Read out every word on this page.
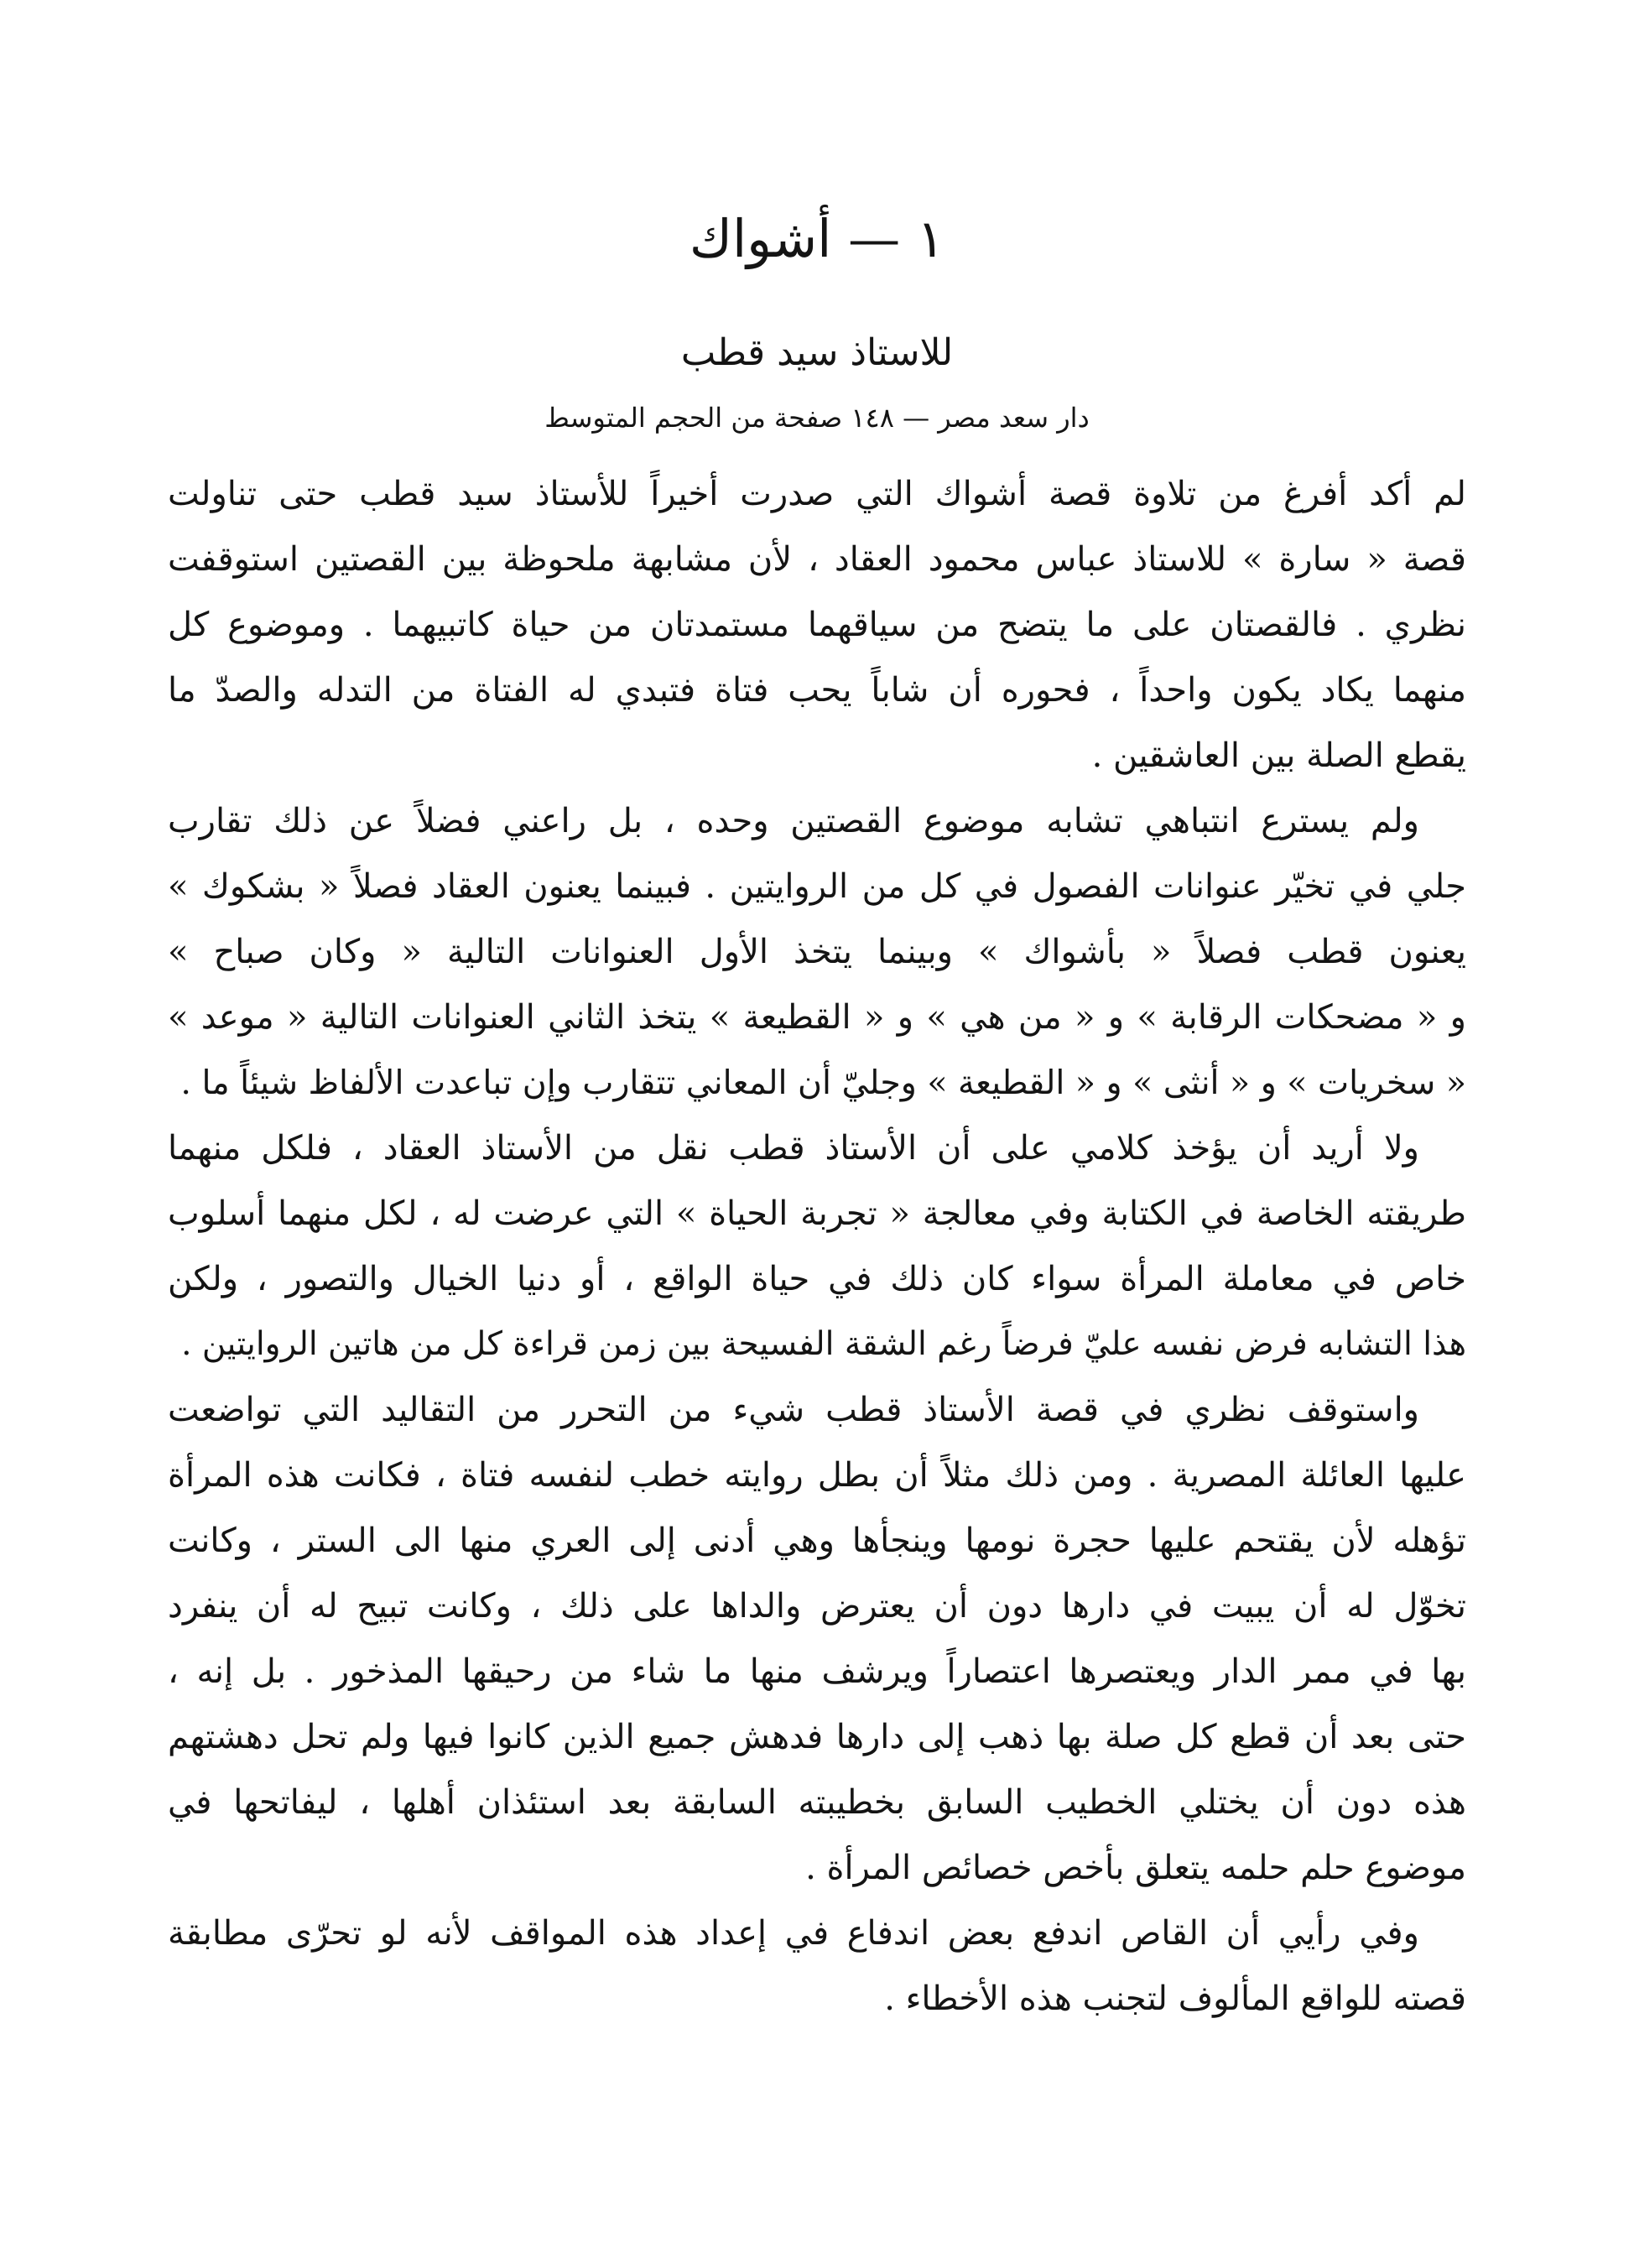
١ — أشواك
للاستاذ سيد قطب
دار سعد مصر — ١٤٨ صفحة من الحجم المتوسط

لم أكد أفرغ من تلاوة قصة أشواك التي صدرت أخيراً للأستاذ سيد قطب حتى تناولت
قصة « سارة » للاستاذ عباس محمود العقاد ، لأن مشابهة ملحوظة بين القصتين استوقفت
نظري . فالقصتان على ما يتضح من سياقهما مستمدتان من حياة كاتبيهما . وموضوع كل
منهما يكاد يكون واحداً ، فحوره أن شاباً يحب فتاة فتبدي له الفتاة من التدله والصدّ ما
يقطع الصلة بين العاشقين .

ولم يسترع انتباهي تشابه موضوع القصتين وحده ، بل راعني فضلاً عن ذلك تقارب
جلي في تخيّر عنوانات الفصول في كل من الروايتين . فبينما يعنون العقاد فصلاً « بشكوك »
يعنون قطب فصلاً « بأشواك » وبينما يتخذ الأول العنوانات التالية « وكان صباح »
و « مضحكات الرقابة » و « من هي » و « القطيعة » يتخذ الثاني العنوانات التالية « موعد »
« سخريات » و « أنثى » و « القطيعة » وجليّ أن المعاني تتقارب وإن تباعدت الألفاظ شيئاً ما .

ولا أريد أن يؤخذ كلامي على أن الأستاذ قطب نقل من الأستاذ العقاد ، فلكل منهما
طريقته الخاصة في الكتابة وفي معالجة « تجربة الحياة » التي عرضت له ، لكل منهما أسلوب
خاص في معاملة المرأة سواء كان ذلك في حياة الواقع ، أو دنيا الخيال والتصور ، ولكن
هذا التشابه فرض نفسه عليّ فرضاً رغم الشقة الفسيحة بين زمن قراءة كل من هاتين الروايتين .

واستوقف نظري في قصة الأستاذ قطب شيء من التحرر من التقاليد التي تواضعت
عليها العائلة المصرية . ومن ذلك مثلاً أن بطل روايته خطب لنفسه فتاة ، فكانت هذه المرأة
تؤهله لأن يقتحم عليها حجرة نومها وينجأها وهي أدنى إلى العري منها الى الستر ، وكانت
تخوّل له أن يبيت في دارها دون أن يعترض والداها على ذلك ، وكانت تبيح له أن ينفرد
بها في ممر الدار ويعتصرها اعتصاراً ويرشف منها ما شاء من رحيقها المذخور . بل إنه ،
حتى بعد أن قطع كل صلة بها ذهب إلى دارها فدهش جميع الذين كانوا فيها ولم تحل دهشتهم
هذه دون أن يختلي الخطيب السابق بخطيبته السابقة بعد استئذان أهلها ، ليفاتحها في
موضوع حلم حلمه يتعلق بأخص خصائص المرأة .

وفي رأيي أن القاص اندفع بعض اندفاع في إعداد هذه المواقف لأنه لو تحرّى مطابقة
قصته للواقع المألوف لتجنب هذه الأخطاء .
